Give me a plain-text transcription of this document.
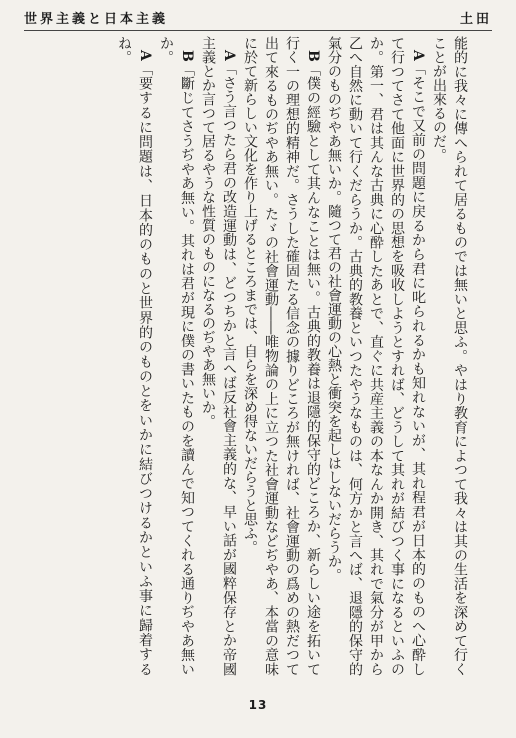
世界主義と日本主義	土田

能的に我々に傳へられて居るものでは無いと思ふ。やはり教育によつて我々は其の生活を深めて行くことが出來るのだ。

A「そこで又前の問題に戻るから君に叱られるかも知れないが、其れ程君が日本的のものへ心酔して行つてさて他面に世界的の思想を吸收しようとすれば、どうして其れが結びつく事になるといふのか。第一、君は其んな古典に心酔したあとで、直ぐに共産主義の本なんか開き、其れで氣分が甲から乙へ自然に動いて行くだらうか。古典的教養といつたやうなものは、何方かと言へば、退隱的保守的氣分のものぢやあ無いか。隨つて君の社會運動の心熱と衝突を起しはしないだらうか。

B「僕の經驗として其んなことは無い。古典的教養は退隱的保守的どころか、新らしい途を拓いて行く一の理想的精神だ。さうした確固たる信念の據りどころが無ければ、社會運動の爲めの熱だつて出て來るものぢやあ無い。たゞの社會運動――唯物論の上に立つた社會運動などぢやあ、本當の意味に於て新らしい文化を作り上げるところまでは、自らを深め得ないだらうと思ふ。

A「さう言つたら君の改造運動は、どつちかと言へば反社會主義的な、早い話が國粹保存とか帝國主義とか言つて居るやうな性質のものになるのぢやあ無いか。

B「斷じてさうぢやあ無い。其れは君が現に僕の書いたものを讀んで知つてくれる通りぢやあ無いか。

A「要するに問題は、日本的のものと世界的のものとをいかに結びつけるかといふ事に歸着するね。

13
